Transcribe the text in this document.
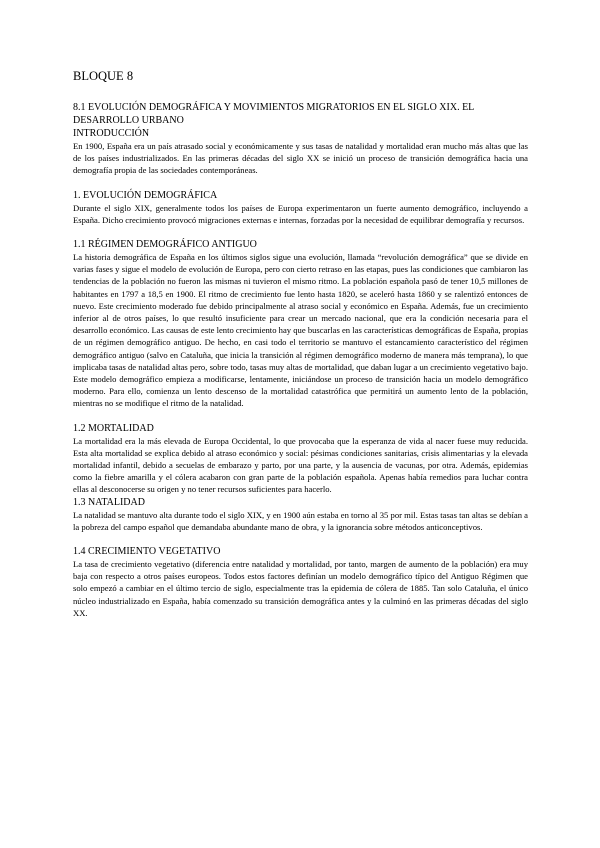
BLOQUE 8
8.1 EVOLUCIÓN DEMOGRÁFICA Y MOVIMIENTOS MIGRATORIOS EN EL SIGLO XIX. EL DESARROLLO URBANO
INTRODUCCIÓN

En 1900, España era un país atrasado social y económicamente y sus tasas de natalidad y mortalidad eran mucho más altas que las de los países industrializados. En las primeras décadas del siglo XX se inició un proceso de transición demográfica hacia una demografía propia de las sociedades contemporáneas.

1. EVOLUCIÓN DEMOGRÁFICA

Durante el siglo XIX, generalmente todos los países de Europa experimentaron un fuerte aumento demográfico, incluyendo a España. Dicho crecimiento provocó migraciones externas e internas, forzadas por la necesidad de equilibrar demografía y recursos.

1.1 RÉGIMEN DEMOGRÁFICO ANTIGUO

La historia demográfica de España en los últimos siglos sigue una evolución, llamada “revolución demográfica” que se divide en varias fases y sigue el modelo de evolución de Europa, pero con cierto retraso en las etapas, pues las condiciones que cambiaron las tendencias de la población no fueron las mismas ni tuvieron el mismo ritmo. La población española pasó de tener 10,5 millones de habitantes en 1797 a 18,5 en 1900. El ritmo de crecimiento fue lento hasta 1820, se aceleró hasta 1860 y se ralentizó entonces de nuevo. Este crecimiento moderado fue debido principalmente al atraso social y económico en España. Además, fue un crecimiento inferior al de otros países, lo que resultó insuficiente para crear un mercado nacional, que era la condición necesaria para el desarrollo económico. Las causas de este lento crecimiento hay que buscarlas en las características demográficas de España, propias de un régimen demográfico antiguo. De hecho, en casi todo el territorio se mantuvo el estancamiento característico del régimen demográfico antiguo (salvo en Cataluña, que inicia la transición al régimen demográfico moderno de manera más temprana), lo que implicaba tasas de natalidad altas pero, sobre todo, tasas muy altas de mortalidad, que daban lugar a un crecimiento vegetativo bajo. Este modelo demográfico empieza a modificarse, lentamente, iniciándose un proceso de transición hacia un modelo demográfico moderno. Para ello, comienza un lento descenso de la mortalidad catastrófica que permitirá un aumento lento de la población, mientras no se modifique el ritmo de la natalidad.

1.2 MORTALIDAD

La mortalidad era la más elevada de Europa Occidental, lo que provocaba que la esperanza de vida al nacer fuese muy reducida. Esta alta mortalidad se explica debido al atraso económico y social: pésimas condiciones sanitarias, crisis alimentarias y la elevada mortalidad infantil, debido a secuelas de embarazo y parto, por una parte, y la ausencia de vacunas, por otra. Además, epidemias como la fiebre amarilla y el cólera acabaron con gran parte de la población española. Apenas había remedios para luchar contra ellas al desconocerse su origen y no tener recursos suficientes para hacerlo.

1.3 NATALIDAD

La natalidad se mantuvo alta durante todo el siglo XIX, y en 1900 aún estaba en torno al 35 por mil. Estas tasas tan altas se debían a la pobreza del campo español que demandaba abundante mano de obra, y la ignorancia sobre métodos anticonceptivos.

1.4 CRECIMIENTO VEGETATIVO

La tasa de crecimiento vegetativo (diferencia entre natalidad y mortalidad, por tanto, margen de aumento de la población) era muy baja con respecto a otros países europeos. Todos estos factores definían un modelo demográfico típico del Antiguo Régimen que solo empezó a cambiar en el último tercio de siglo, especialmente tras la epidemia de cólera de 1885. Tan solo Cataluña, el único núcleo industrializado en España, había comenzado su transición demográfica antes y la culminó en las primeras décadas del siglo XX.
